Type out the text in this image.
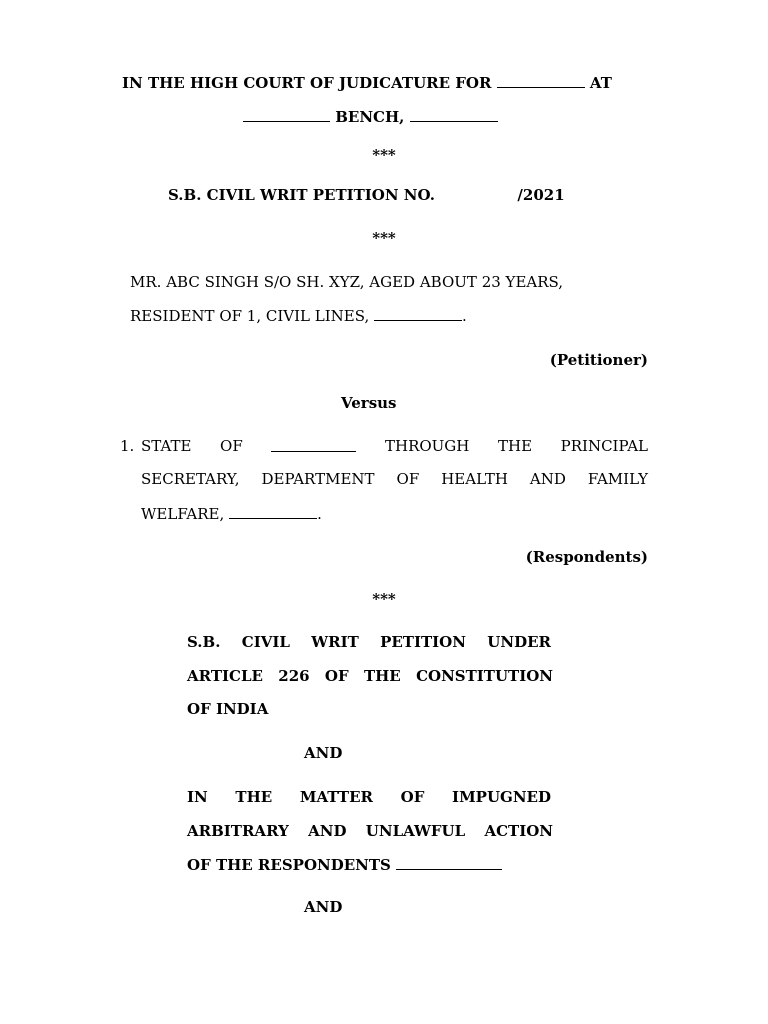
IN THE HIGH COURT OF JUDICATURE FOR	AT
BENCH,
***
S.B. CIVIL WRIT PETITION NO.	/2021
***
MR. ABC SINGH S/O SH. XYZ, AGED ABOUT 23 YEARS,
RESIDENT OF 1, CIVIL LINES,	.
(Petitioner)
Versus
1. STATE OF	THROUGH THE PRINCIPAL
SECRETARY, DEPARTMENT OF HEALTH AND FAMILY
WELFARE,	.
(Respondents)
***
S.B. CIVIL WRIT PETITION UNDER
ARTICLE 226 OF THE CONSTITUTION
OF INDIA
AND
IN THE MATTER OF IMPUGNED
ARBITRARY AND UNLAWFUL ACTION
OF THE RESPONDENTS
AND
